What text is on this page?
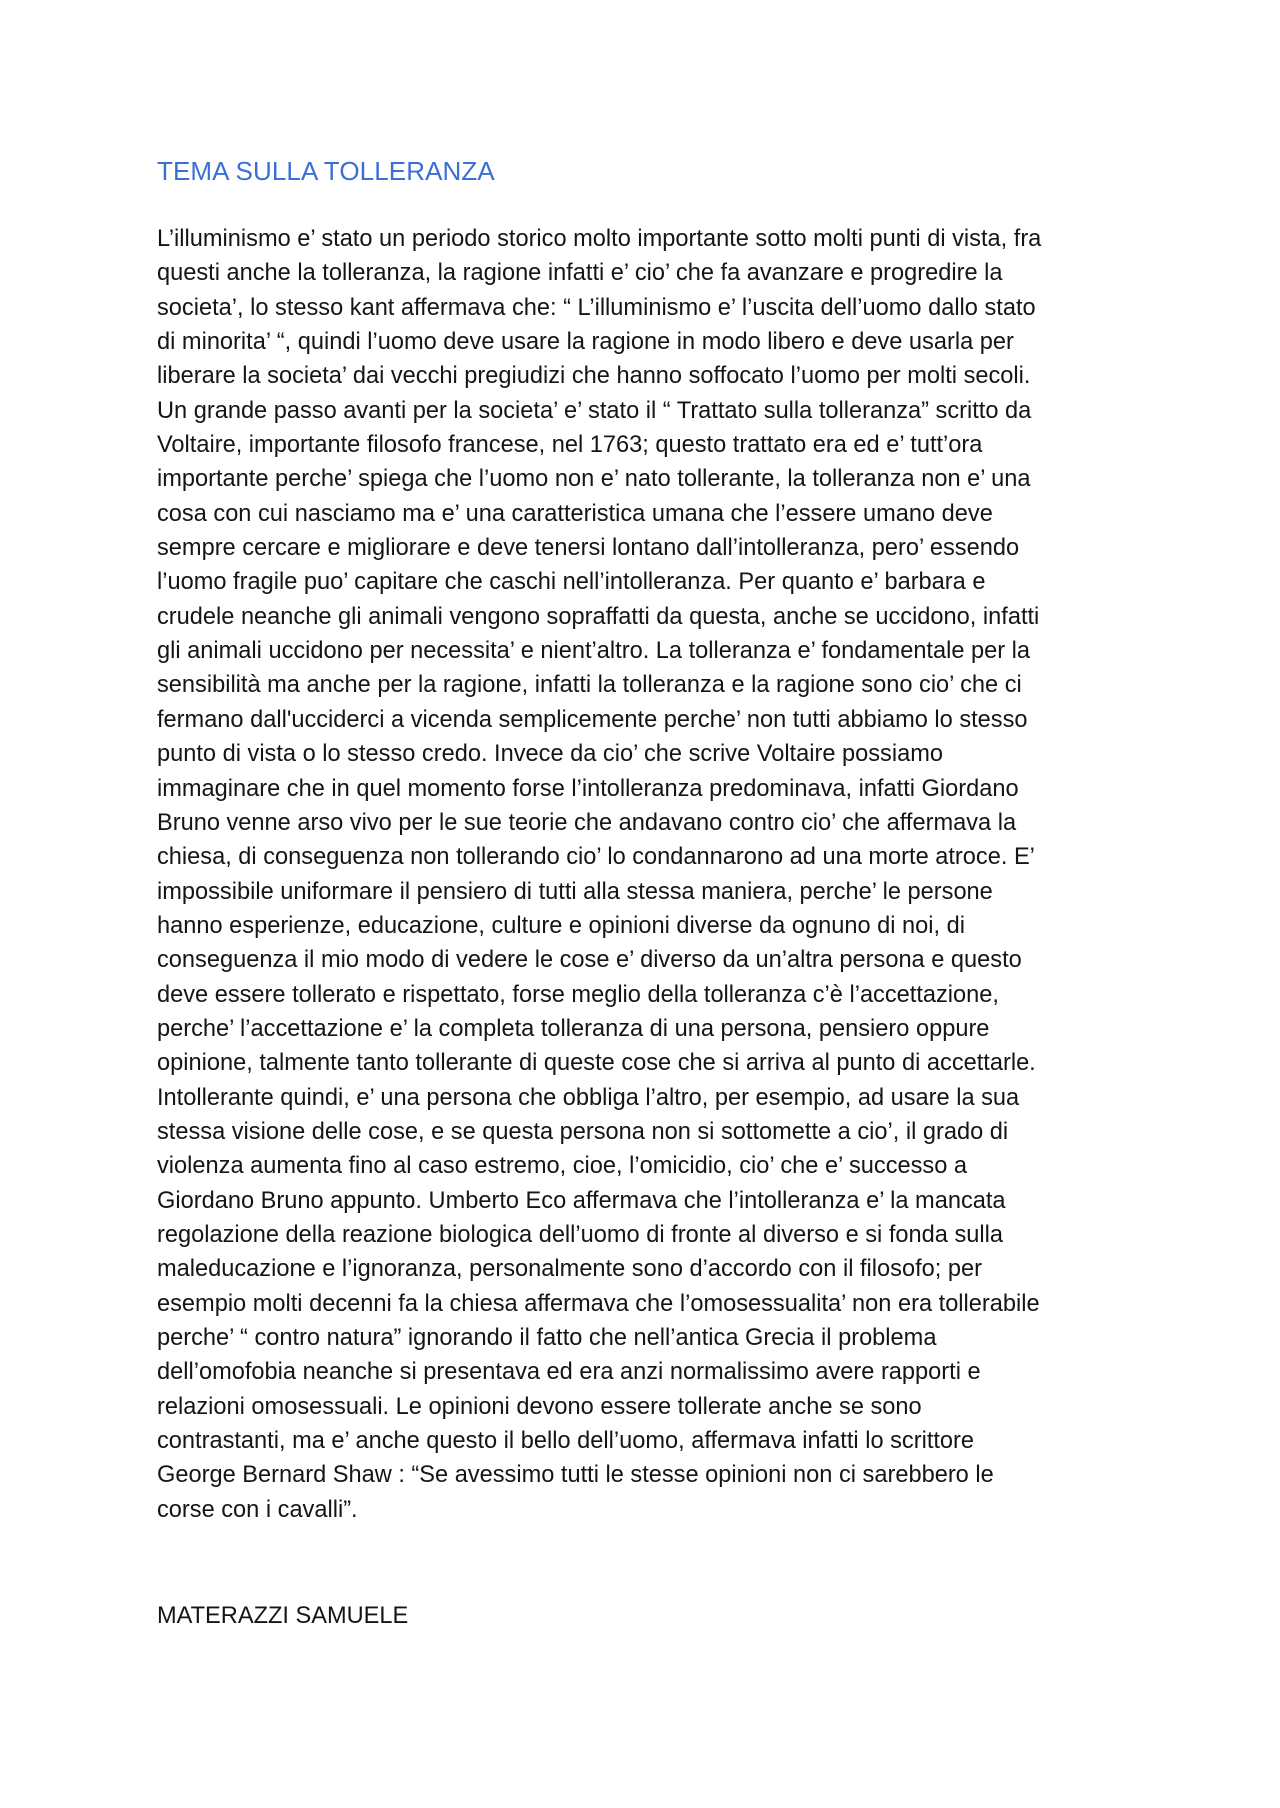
TEMA SULLA TOLLERANZA
L’illuminismo e’ stato un periodo storico molto importante sotto molti punti di vista, fra
questi anche la tolleranza, la ragione infatti e’ cio’ che fa avanzare e progredire la
societa’, lo stesso kant affermava che: “ L’illuminismo e’ l’uscita dell’uomo dallo stato
di minorita’ “, quindi l’uomo deve usare la ragione in modo libero e deve usarla per
liberare la societa’ dai vecchi pregiudizi che hanno soffocato l’uomo per molti secoli.
Un grande passo avanti per la societa’ e’ stato il “ Trattato sulla tolleranza” scritto da
Voltaire, importante filosofo francese, nel 1763; questo trattato era ed e’ tutt’ora
importante perche’ spiega che l’uomo non e’ nato tollerante, la tolleranza non e’ una
cosa con cui nasciamo ma e’ una caratteristica umana che l’essere umano deve
sempre cercare e migliorare e deve tenersi lontano dall’intolleranza, pero’ essendo
l’uomo fragile puo’ capitare che caschi nell’intolleranza. Per quanto e’ barbara e
crudele neanche gli animali vengono sopraffatti da questa, anche se uccidono, infatti
gli animali uccidono per necessita’ e nient’altro. La tolleranza e’ fondamentale per la
sensibilità ma anche per la ragione, infatti la tolleranza e la ragione sono cio’ che ci
fermano dall'ucciderci a vicenda semplicemente perche’ non tutti abbiamo lo stesso
punto di vista o lo stesso credo. Invece da cio’ che scrive Voltaire possiamo
immaginare che in quel momento forse l’intolleranza predominava, infatti Giordano
Bruno venne arso vivo per le sue teorie che andavano contro cio’ che affermava la
chiesa, di conseguenza non tollerando cio’ lo condannarono ad una morte atroce. E’
impossibile uniformare il pensiero di tutti alla stessa maniera, perche’ le persone
hanno esperienze, educazione, culture e opinioni diverse da ognuno di noi, di
conseguenza il mio modo di vedere le cose e’ diverso da un’altra persona e questo
deve essere tollerato e rispettato, forse meglio della tolleranza c’è l’accettazione,
perche’ l’accettazione e’ la completa tolleranza di una persona, pensiero oppure
opinione, talmente tanto tollerante di queste cose che si arriva al punto di accettarle.
Intollerante quindi, e’ una persona che obbliga l’altro, per esempio, ad usare la sua
stessa visione delle cose, e se questa persona non si sottomette a cio’, il grado di
violenza aumenta fino al caso estremo, cioe, l’omicidio, cio’ che e’ successo a
Giordano Bruno appunto. Umberto Eco affermava che l’intolleranza e’ la mancata
regolazione della reazione biologica dell’uomo di fronte al diverso e si fonda sulla
maleducazione e l’ignoranza, personalmente sono d’accordo con il filosofo; per
esempio molti decenni fa la chiesa affermava che l’omosessualita’ non era tollerabile
perche’ “ contro natura” ignorando il fatto che nell’antica Grecia il problema
dell’omofobia neanche si presentava ed era anzi normalissimo avere rapporti e
relazioni omosessuali. Le opinioni devono essere tollerate anche se sono
contrastanti, ma e’ anche questo il bello dell’uomo, affermava infatti lo scrittore
George Bernard Shaw : “Se avessimo tutti le stesse opinioni non ci sarebbero le
corse con i cavalli”.

MATERAZZI SAMUELE
